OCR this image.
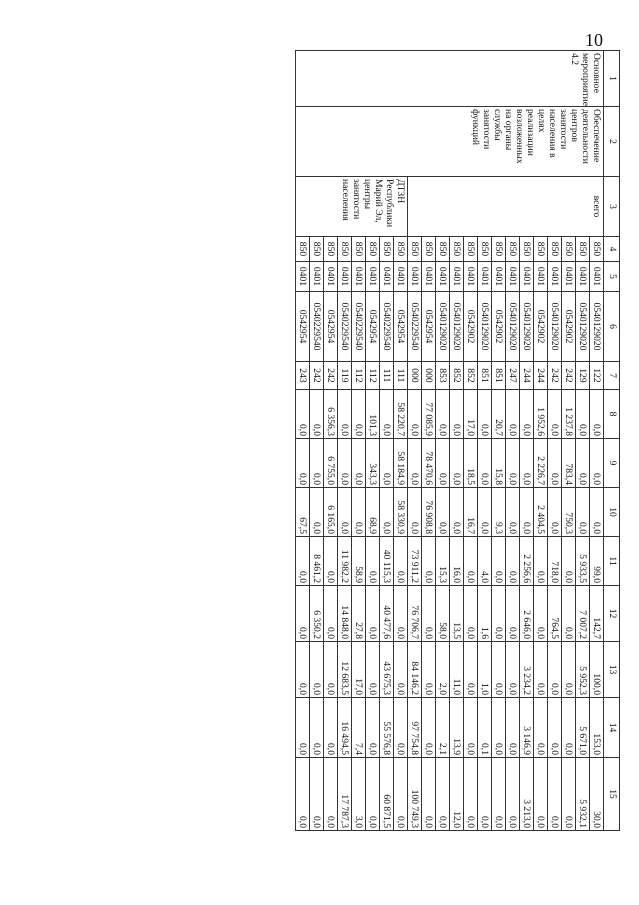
10
1	2	3	4	5	6	7	8	9	10	11	12	13	14	15
Основное мероприятие 4.2	Обеспечение деятельности центров занятости населения в целях реализации возложенных на органы службы занятости функций	всего	850	0401	0540129020	122	0,0	0,0	0,0	99,0	142,7	100,0	153,0	30,0
			850	0401	0540129020	129	0,0	0,0	0,0	5 933,5	7 007,2	5 952,3	5 671,0	5 932,1
			850	0401	0542902	242	1 237,8	783,4	750,3	0,0	0,0	0,0	0,0	0,0
			850	0401	0540129020	242	0,0	0,0	0,0	718,0	764,5	0,0	0,0	0,0
			850	0401	0542902	244	1 952,6	2 226,7	2 404,5	0,0	0,0	0,0	0,0	0,0
			850	0401	0540129020	244	0,0	0,0	0,0	2 256,6	2 646,0	3 234,2	3 146,9	3 213,0
			850	0401	0540129020	247	0,0	0,0	0,0	0,0	0,0	0,0	0,0	0,0
			850	0401	0542902	851	20,7	15,8	9,3	0,0	0,0	0,0	0,0	0,0
			850	0401	0540129020	851	0,0	0,0	0,0	4,0	1,6	1,0	0,1	0,0
			850	0401	0542902	852	17,0	18,5	16,7	0,0	0,0	0,0	0,0	0,0
			850	0401	0540129020	852	0,0	0,0	0,0	16,0	13,5	11,0	13,9	12,0
			850	0401	0540129020	853	0,0	0,0	0,0	15,3	58,0	2,0	2,1	0,0
			850	0401	0542954	000	77 085,9	78 470,6	76 908,8	0,0	0,0	0,0	0,0	0,0
			850	0401	0540229540	000	0,0	0,0	0,0	73 911,2	76 706,7	84 146,2	97 754,8	100 749,3
		ДТЗН Республики Марий Эл, центры занятости населения	850	0401	0542954	111	58 220,7	58 184,9	58 330,9	0,0	0,0	0,0	0,0	0,0
			850	0401	0540229540	111	0,0	0,0	0,0	40 115,3	40 477,6	43 675,3	55 576,8	60 871,5
			850	0401	0542954	112	101,3	343,3	68,9	0,0	0,0	0,0	0,0	0,0
			850	0401	0540229540	112	0,0	0,0	0,0	58,9	27,8	17,0	7,4	3,0
			850	0401	0540229540	119	0,0	0,0	0,0	11 982,2	14 848,0	12 683,5	16 494,5	17 787,3
			850	0401	0542954	242	6 356,3	6 755,0	6 165,0	0,0	0,0	0,0	0,0	0,0
			850	0401	0540229540	242	0,0	0,0	0,0	8 461,2	6 350,2	0,0	0,0	0,0
			850	0401	0542954	243	0,0	0,0	67,5	0,0	0,0	0,0	0,0	0,0
